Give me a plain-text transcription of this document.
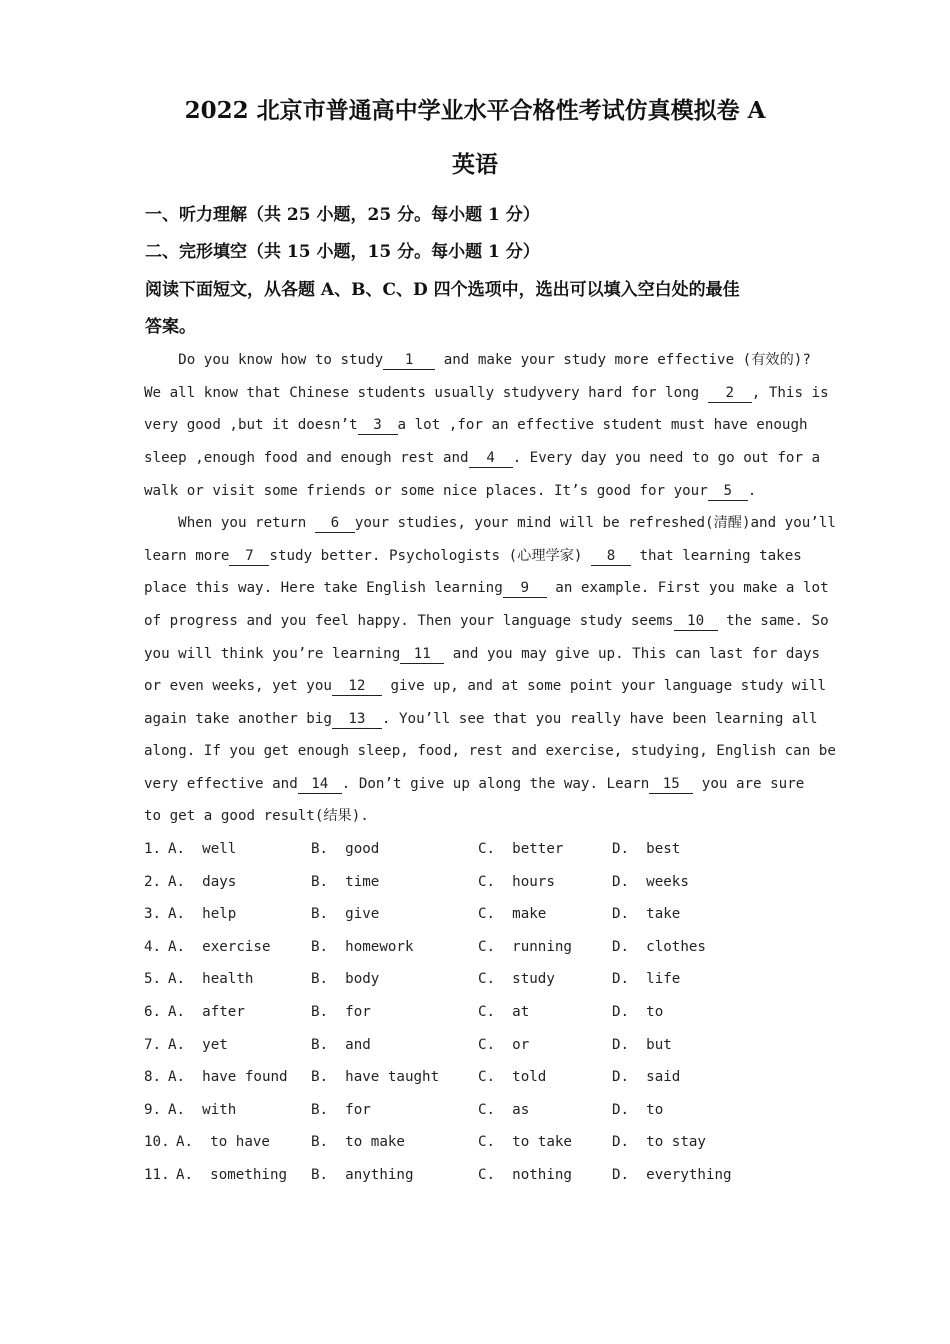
2022 北京市普通高中学业水平合格性考试仿真模拟卷 A
英语
一、听力理解（共 25 小题，25 分。每小题 1 分）
二、完形填空（共 15 小题，15 分。每小题 1 分）
阅读下面短文，从各题 A、B、C、D 四个选项中，选出可以填入空白处的最佳
答案。
Do you know how to study 1 and make your study more effective (有效的)?
We all know that Chinese students usually studyvery hard for long 2 , This is
very good ,but it doesn’t 3 a lot ,for an effective student must have enough
sleep ,enough food and enough rest and 4 . Every day you need to go out for a
walk or visit some friends or some nice places. It’s good for your 5 .
When you return 6 your studies, your mind will be refreshed(清醒)and you’ll
learn more 7 study better. Psychologists (心理学家) 8 that learning takes
place this way. Here take English learning 9 an example. First you make a lot
of progress and you feel happy. Then your language study seems 10 the same. So
you will think you’re learning 11 and you may give up. This can last for days
or even weeks, yet you 12 give up, and at some point your language study will
again take another big 13 . You’ll see that you really have been learning all
along. If you get enough sleep, food, rest and exercise, studying, English can be
very effective and 14 . Don’t give up along the way. Learn 15 you are sure
to get a good result(结果).
1. A.  well	B.  good	C.  better	D.  best
2. A.  days	B.  time	C.  hours	D.  weeks
3. A.  help	B.  give	C.  make	D.  take
4. A.  exercise	B.  homework	C.  running	D.  clothes
5. A.  health	B.  body	C.  study	D.  life
6. A.  after	B.  for	C.  at	D.  to
7. A.  yet	B.  and	C.  or	D.  but
8. A.  have found B.  have taught	C.  told	D.  said
9. A.  with	B.  for	C.  as	D.  to
10. A.  to have	B.  to make	C.  to take	D.  to stay
11. A.  something B.  anything	C.  nothing	D.  everything
